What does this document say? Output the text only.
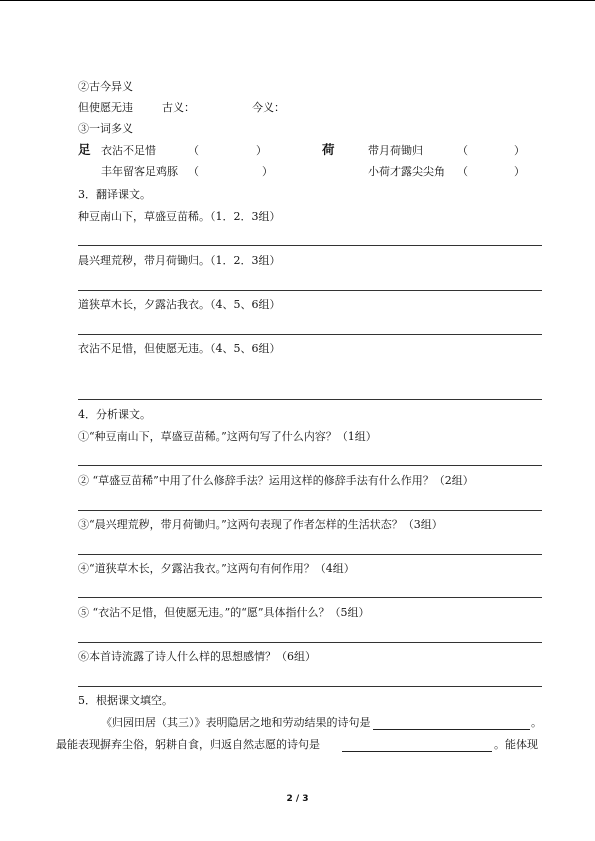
②古今异义
但使愿无违	古义：	今义：
③一词多义
足 衣沾不足惜	（	）	荷	带月荷锄归	（	）
丰年留客足鸡豚 （	）	小荷才露尖尖角 （	）
3．翻译课文。
种豆南山下，草盛豆苗稀。（1．2．3组）
晨兴理荒秽，带月荷锄归。（1．2．3组）
道狭草木长，夕露沾我衣。（4、5、6组）
衣沾不足惜，但使愿无违。（4、5、6组）
4．分析课文。
①“种豆南山下，草盛豆苗稀。”这两句写了什么内容？（1组）
② “草盛豆苗稀”中用了什么修辞手法？运用这样的修辞手法有什么作用？（2组）
③“晨兴理荒秽，带月荷锄归。”这两句表现了作者怎样的生活状态？（3组）
④“道狭草木长，夕露沾我衣。”这两句有何作用？（4组）
⑤ “衣沾不足惜，但使愿无违。”的“愿”具体指什么？（5组）
⑥本首诗流露了诗人什么样的思想感情？（6组）
5．根据课文填空。
《归园田居（其三）》表明隐居之地和劳动结果的诗句是	。
最能表现摒弃尘俗，躬耕自食，归返自然志愿的诗句是	。能体现
2 / 3
